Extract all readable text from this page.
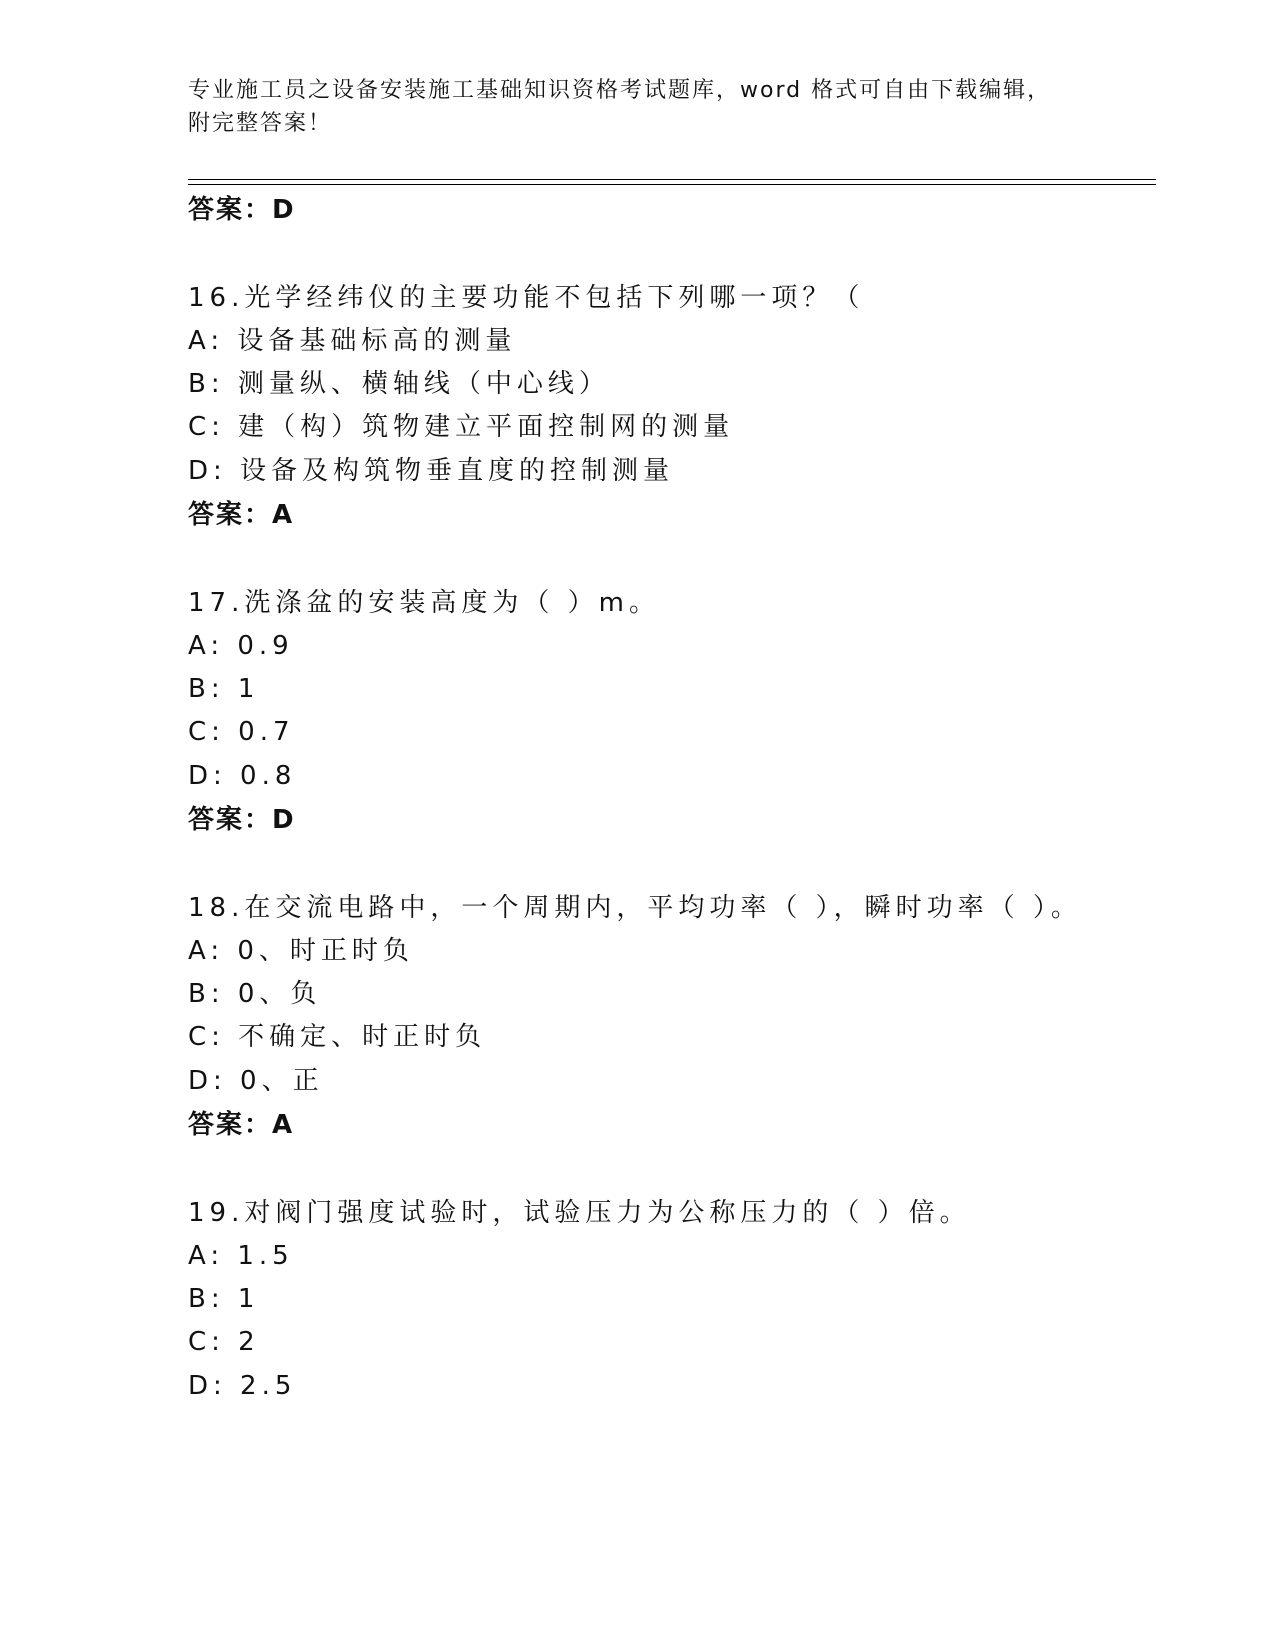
专业施工员之设备安装施工基础知识资格考试题库，word 格式可自由下载编辑，
附完整答案！
答案：D
16.光学经纬仪的主要功能不包括下列哪一项？（
A: 设备基础标高的测量
B: 测量纵、横轴线（中心线）
C: 建（构）筑物建立平面控制网的测量
D: 设备及构筑物垂直度的控制测量
答案：A
17.洗涤盆的安装高度为（ ）m。
A: 0.9
B: 1
C: 0.7
D: 0.8
答案：D
18.在交流电路中，一个周期内，平均功率（ ），瞬时功率（ ）。
A: 0、时正时负
B: 0、负
C: 不确定、时正时负
D: 0、正
答案：A
19.对阀门强度试验时，试验压力为公称压力的（ ）倍。
A: 1.5
B: 1
C: 2
D: 2.5
